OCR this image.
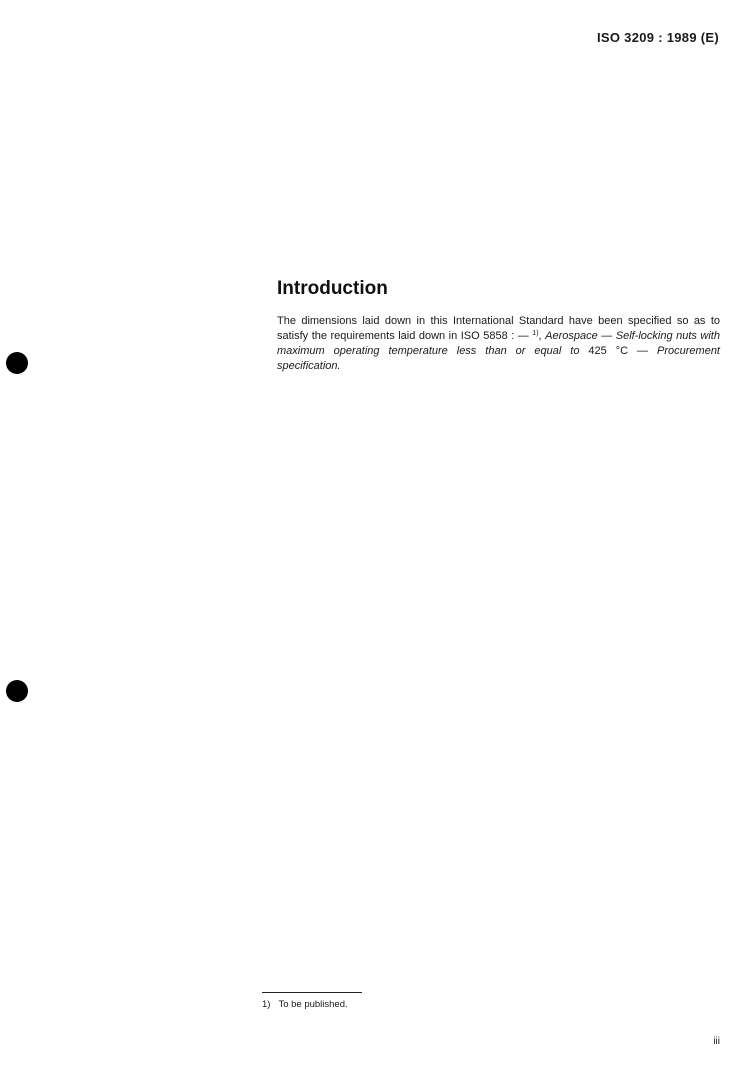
ISO 3209 : 1989 (E)
Introduction

The dimensions laid down in this International Standard have been specified so as to satisfy the requirements laid down in ISO 5858 : — $^{1)}$, Aerospace — Self-locking nuts with maximum operating temperature less than or equal to 425 °C — Procurement specification.

1) To be published.
iii
